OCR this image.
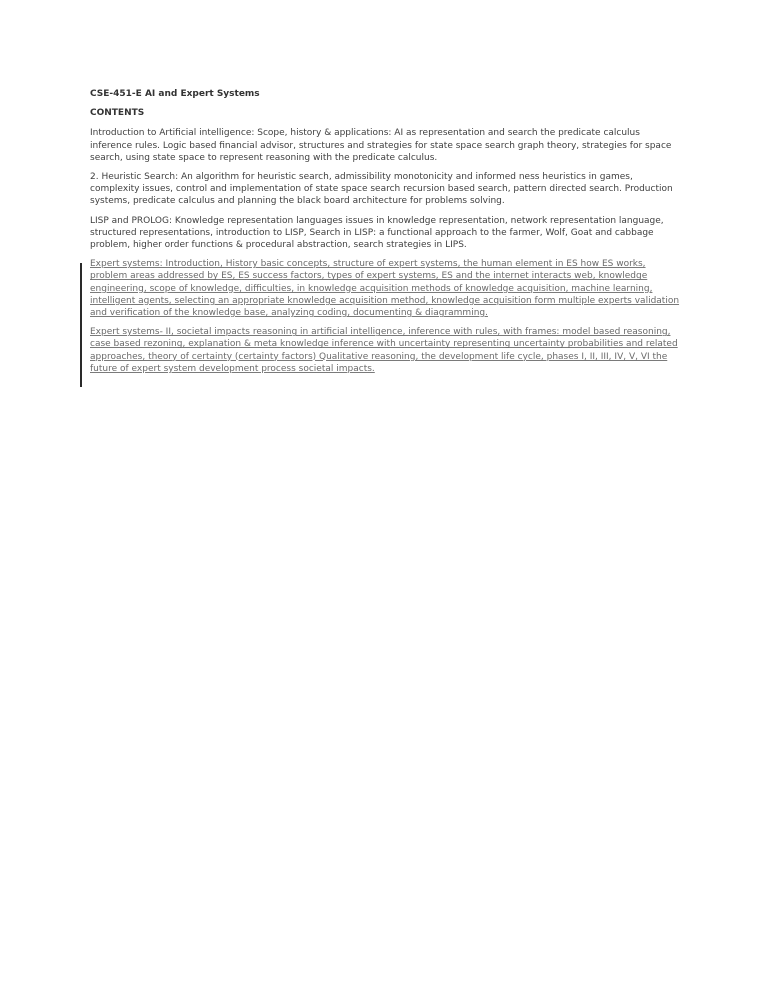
CSE-451-E AI and Expert Systems

CONTENTS

Introduction to Artificial intelligence: Scope, history & applications: AI as representation and search the predicate calculus inference rules. Logic based financial advisor, structures and strategies for state space search graph theory, strategies for space search, using state space to represent reasoning with the predicate calculus.

2. Heuristic Search: An algorithm for heuristic search, admissibility monotonicity and informed ness heuristics in games, complexity issues, control and implementation of state space search recursion based search, pattern directed search. Production systems, predicate calculus and planning the black board architecture for problems solving.

LISP and PROLOG: Knowledge representation languages issues in knowledge representation, network representation language, structured representations, introduction to LISP, Search in LISP: a functional approach to the farmer, Wolf, Goat and cabbage problem, higher order functions & procedural abstraction, search strategies in LIPS.

Expert systems: Introduction, History basic concepts, structure of expert systems, the human element in ES how ES works, problem areas addressed by ES, ES success factors, types of expert systems, ES and the internet interacts web, knowledge engineering, scope of knowledge, difficulties, in knowledge acquisition methods of knowledge acquisition, machine learning, intelligent agents, selecting an appropriate knowledge acquisition method, knowledge acquisition form multiple experts validation and verification of the knowledge base, analyzing coding, documenting & diagramming.

Expert systems- II, societal impacts reasoning in artificial intelligence, inference with rules, with frames: model based reasoning, case based rezoning, explanation & meta knowledge inference with uncertainty representing uncertainty probabilities and related approaches, theory of certainty (certainty factors) Qualitative reasoning, the development life cycle, phases I, II, III, IV, V, VI the future of expert system development process societal impacts.
